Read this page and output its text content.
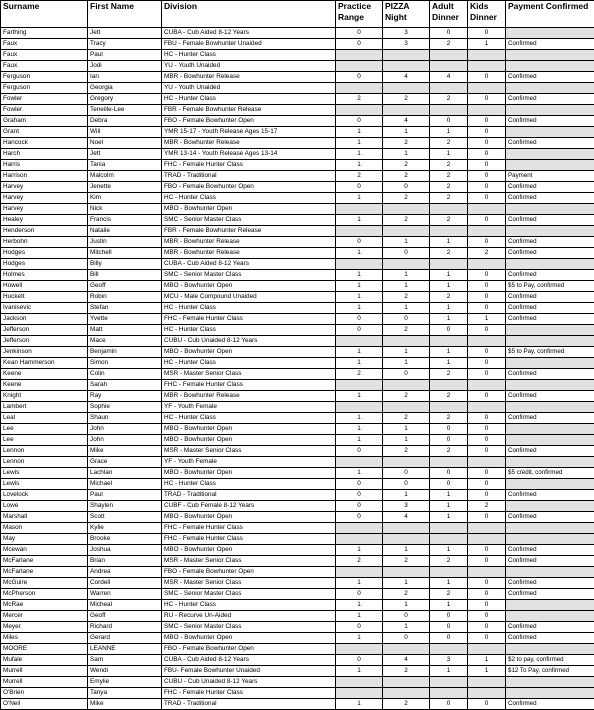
Surname	First Name	Division	Practice Range	PIZZA Night	Adult Dinner	Kids Dinner	Payment Confirmed
Farthing	Jett	CUBA - Cub Aided 8-12 Years	0	3	0	0	
Faux	Tracy	FBU - Female Bowhunter Unaided	0	3	2	1	Confirmed
Faux	Paul	HC - Hunter Class					
Faux	Jodi	YU - Youth Unaided					
Ferguson	Ian	MBR - Bowhunter Release	0	4	4	0	Confirmed
Ferguson	Georgia	YU - Youth Unaided					
Fowler	Gregory	HC - Hunter Class	2	2	2	0	Confirmed
Fowler	Teneille-Lee	FBR - Female Bowhunter Release					
Graham	Debra	FBO - Female Bowhunter Open	0	4	0	0	Confirmed
Grant	Will	YMR 15-17 - Youth Release Ages 15-17	1	1	1	0	
Hancock	Noel	MBR - Bowhunter Release	1	2	2	0	Confirmed
Harch	Jett	YMR 13-14 - Youth Release Ages 13-14	1	1	1	0	
Harris	Tania	FHC - Female Hunter Class	1	2	2	0	
Harrison	Malcolm	TRAD - Traditional	2	2	2	0	Payment
Harvey	Jenette	FBO - Female Bowhunter Open	0	0	2	0	Confirmed
Harvey	Kim	HC - Hunter Class	1	2	2	0	Confirmed
Harvey	Nick	MBO - Bowhunter Open					
Healey	Francis	SMC - Senior Master Class	1	2	2	0	Confirmed
Henderson	Natalie	FBR - Female Bowhunter Release					
Herbohn	Justin	MBR - Bowhunter Release	0	1	1	0	Confirmed
Hodges	Mitchell	MBR - Bowhunter Release	1	0	2	2	Confirmed
Hodges	Billy	CUBA - Cub Aided 8-12 Years					
Holmes	Bill	SMC - Senior Master Class	1	1	1	0	Confirmed
Howell	Geoff	MBO - Bowhunter Open	1	1	1	0	$5 to Pay, confirmed
Huckett	Robin	MCU - Male Compound Unaided	1	2	2	0	Confirmed
Ivanisevic	Stefan	HC - Hunter Class	1	1	1	0	Confirmed
Jackson	Yvette	FHC - Female Hunter Class	0	0	1	1	Confirmed
Jefferson	Matt	HC - Hunter Class	0	2	0	0	
Jefferson	Mace	CUBU - Cub Unaided 8-12 Years					
Jenkinson	Benjamin	MBO - Bowhunter Open	1	1	1	0	$5 to Pay, confirmed
Kean Hammerson	Simon	HC - Hunter Class	1	1	1	0	
Keene	Colin	MSR - Master Senior Class	2	0	2	0	Confirmed
Keene	Sarah	FHC - Female Hunter Class					
Knight	Ray	MBR - Bowhunter Release	1	2	2	0	Confirmed
Lambert	Sophie	YF - Youth Female					
Leal	Shaun	HC - Hunter Class	1	2	2	0	Confirmed
Lee	John	MBO - Bowhunter Open	1	1	0	0	
Lee	John	MBO - Bowhunter Open	1	1	0	0	
Lennon	Mike	MSR - Master Senior Class	0	2	2	0	Confirmed
Lennon	Grace	YF - Youth Female					
Lewis	Lachlan	MBO - Bowhunter Open	1	0	0	0	$5 credit, confirmed
Lewis	Michael	HC - Hunter Class	0	0	0	0	
Lovelock	Paul	TRAD - Traditional	0	1	1	0	Confirmed
Lowe	Shaylen	CUBF - Cub Female 8-12 Years	0	3	1	2	
Marshall	Scott	MBO - Bowhunter Open	0	4	1	0	Confirmed
Mason	Kylie	FHC - Female Hunter Class					
May	Brooke	FHC - Female Hunter Class					
Mcewan	Joshua	MBO - Bowhunter Open	1	1	1	0	Confirmed
McFarlane	Brian	MSR - Master Senior Class	2	2	2	0	Confirmed
McFarlane	Andrea	FBO - Female Bowhunter Open					
McGuire	Cordell	MSR - Master Senior Class	1	1	1	0	Confirmed
McPherson	Warren	SMC - Senior Master Class	0	2	2	0	Confirmed
McRae	Micheal	HC - Hunter Class	1	1	1	0	
Mercer	Geoff	RU - Recurve Un-Aided	1	0	0	0	
Meyer	Richard	SMC - Senior Master Class	0	1	0	0	Confirmed
Miles	Gerard	MBO - Bowhunter Open	1	0	0	0	Confirmed
MOORE	LEANNE	FBO - Female Bowhunter Open					
Mufale	Sam	CUBA - Cub Aided 8-12 Years	0	4	3	1	$2 to pay, confirmed
Murrell	Wendi	FBU- Female Bowhunter Unaided	1	2	1	1	$12 To Pay, confirmed
Murrell	Emylie	CUBU - Cub Unaided 8-12 Years					
O'Brien	Tanya	FHC - Female Hunter Class					
O'Neil	Mike	TRAD - Traditional	1	2	0	0	Confirmed
